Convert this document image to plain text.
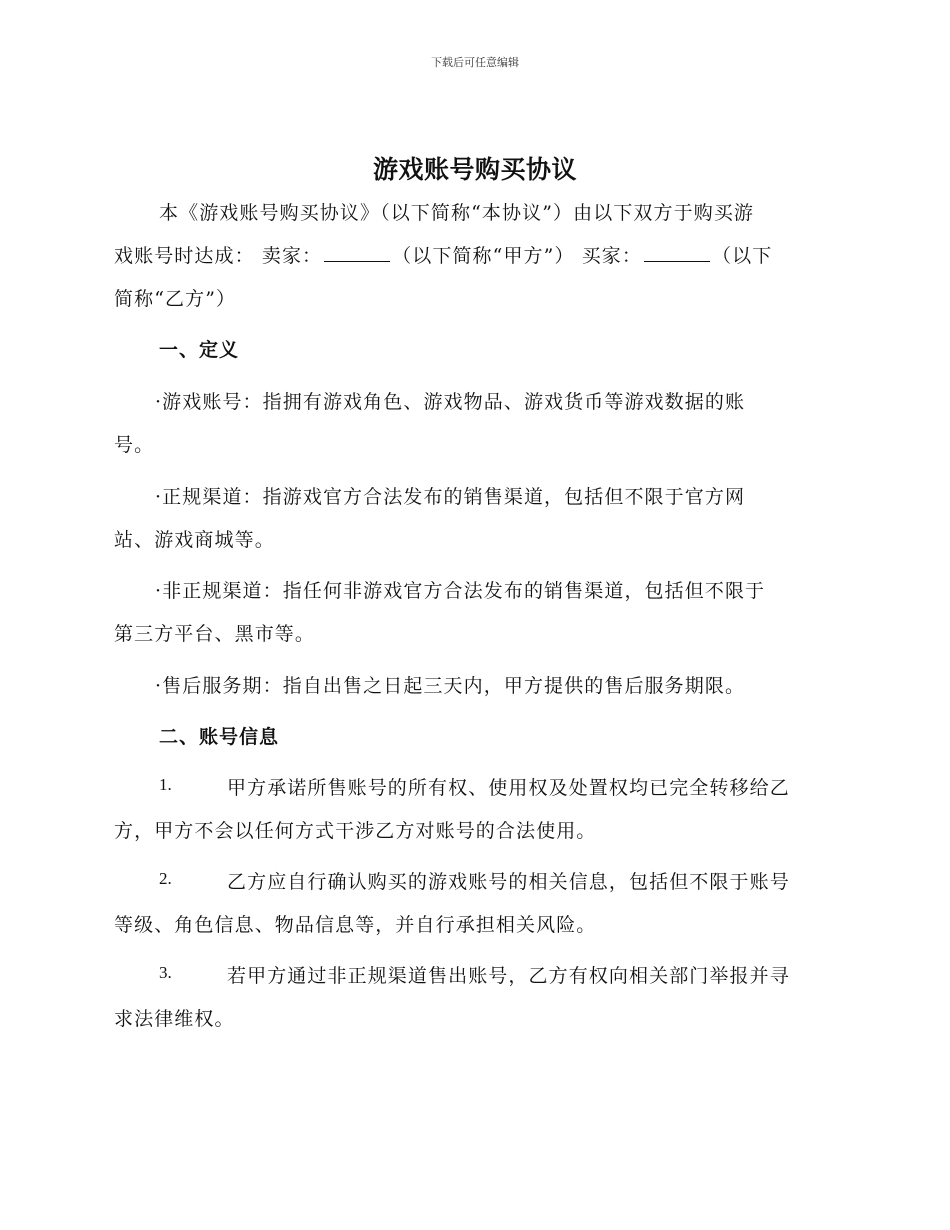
下载后可任意编辑
游戏账号购买协议
本《游戏账号购买协议》（以下简称“本协议”）由以下双方于购买游
戏账号时达成： 卖家：	（以下简称“甲方”） 买家：	（以下
简称“乙方”）
一、定义
·游戏账号：指拥有游戏角色、游戏物品、游戏货币等游戏数据的账
号。
·正规渠道：指游戏官方合法发布的销售渠道，包括但不限于官方网
站、游戏商城等。
·非正规渠道：指任何非游戏官方合法发布的销售渠道，包括但不限于
第三方平台、黑市等。
·售后服务期：指自出售之日起三天内，甲方提供的售后服务期限。
二、账号信息
1.	甲方承诺所售账号的所有权、使用权及处置权均已完全转移给乙
方，甲方不会以任何方式干涉乙方对账号的合法使用。
2.	乙方应自行确认购买的游戏账号的相关信息，包括但不限于账号
等级、角色信息、物品信息等，并自行承担相关风险。
3.	若甲方通过非正规渠道售出账号，乙方有权向相关部门举报并寻
求法律维权。
